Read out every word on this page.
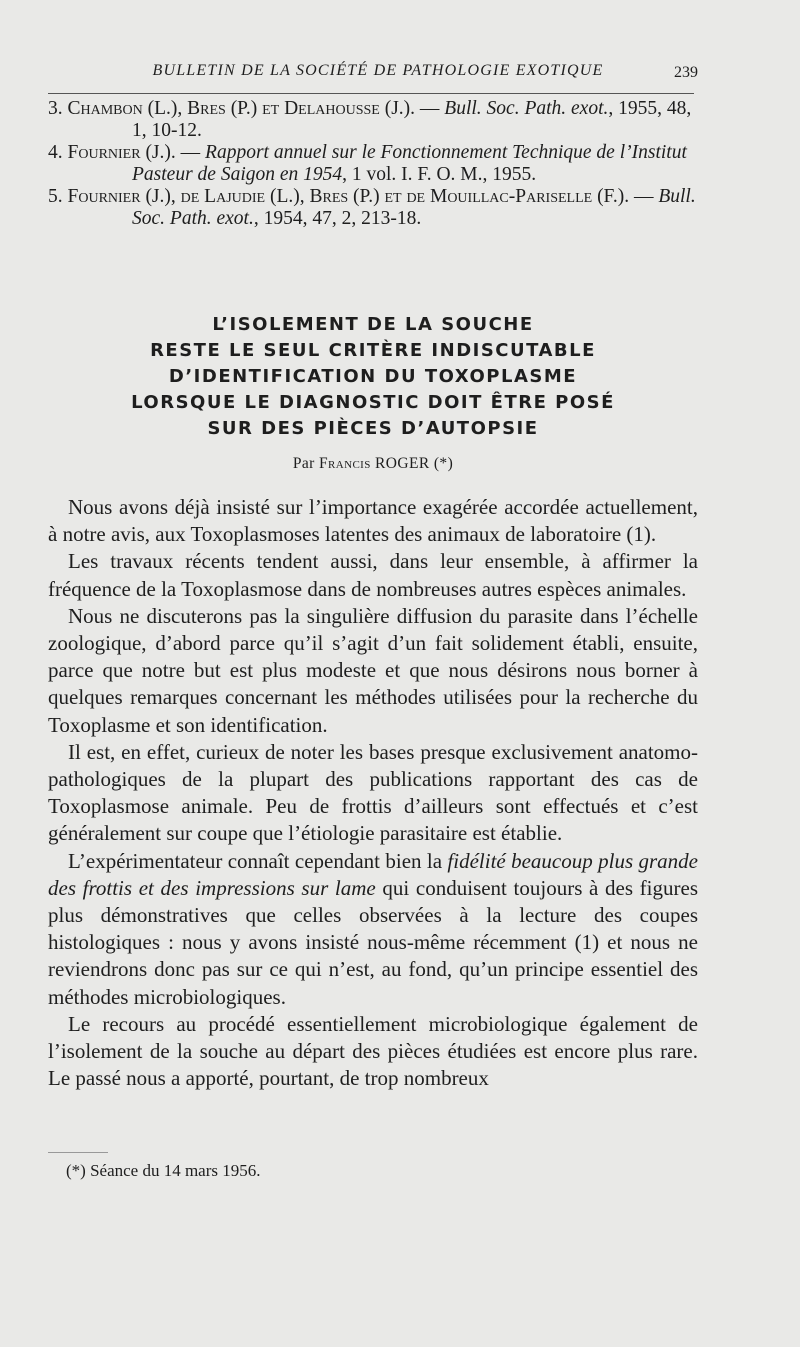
BULLETIN DE LA SOCIÉTÉ DE PATHOLOGIE EXOTIQUE	239
3. Chambon (L.), Bres (P.) et Delahousse (J.). — Bull. Soc. Path. exot., 1955, 48, 1, 10-12.
4. Fournier (J.). — Rapport annuel sur le Fonctionnement Technique de l’Institut Pasteur de Saigon en 1954, 1 vol. I. F. O. M., 1955.
5. Fournier (J.), de Lajudie (L.), Bres (P.) et de Mouillac-Pariselle (F.). — Bull. Soc. Path. exot., 1954, 47, 2, 213-18.
L’ISOLEMENT DE LA SOUCHE
RESTE LE SEUL CRITÈRE INDISCUTABLE
D’IDENTIFICATION DU TOXOPLASME
LORSQUE LE DIAGNOSTIC DOIT ÊTRE POSÉ
SUR DES PIÈCES D’AUTOPSIE
Par Francis ROGER (*)

Nous avons déjà insisté sur l’importance exagérée accordée actuellement, à notre avis, aux Toxoplasmoses latentes des animaux de laboratoire (1).

Les travaux récents tendent aussi, dans leur ensemble, à affirmer la fréquence de la Toxoplasmose dans de nombreuses autres espèces animales.

Nous ne discuterons pas la singulière diffusion du parasite dans l’échelle zoologique, d’abord parce qu’il s’agit d’un fait solidement établi, ensuite, parce que notre but est plus modeste et que nous désirons nous borner à quelques remarques concernant les méthodes utilisées pour la recherche du Toxoplasme et son identification.

Il est, en effet, curieux de noter les bases presque exclusivement anatomo-pathologiques de la plupart des publications rapportant des cas de Toxoplasmose animale. Peu de frottis d’ailleurs sont effectués et c’est généralement sur coupe que l’étiologie parasitaire est établie.

L’expérimentateur connaît cependant bien la fidélité beaucoup plus grande des frottis et des impressions sur lame qui conduisent toujours à des figures plus démonstratives que celles observées à la lecture des coupes histologiques : nous y avons insisté nous-même récemment (1) et nous ne reviendrons donc pas sur ce qui n’est, au fond, qu’un principe essentiel des méthodes microbiologiques.

Le recours au procédé essentiellement microbiologique également de l’isolement de la souche au départ des pièces étudiées est encore plus rare. Le passé nous a apporté, pourtant, de trop nombreux

(*) Séance du 14 mars 1956.
